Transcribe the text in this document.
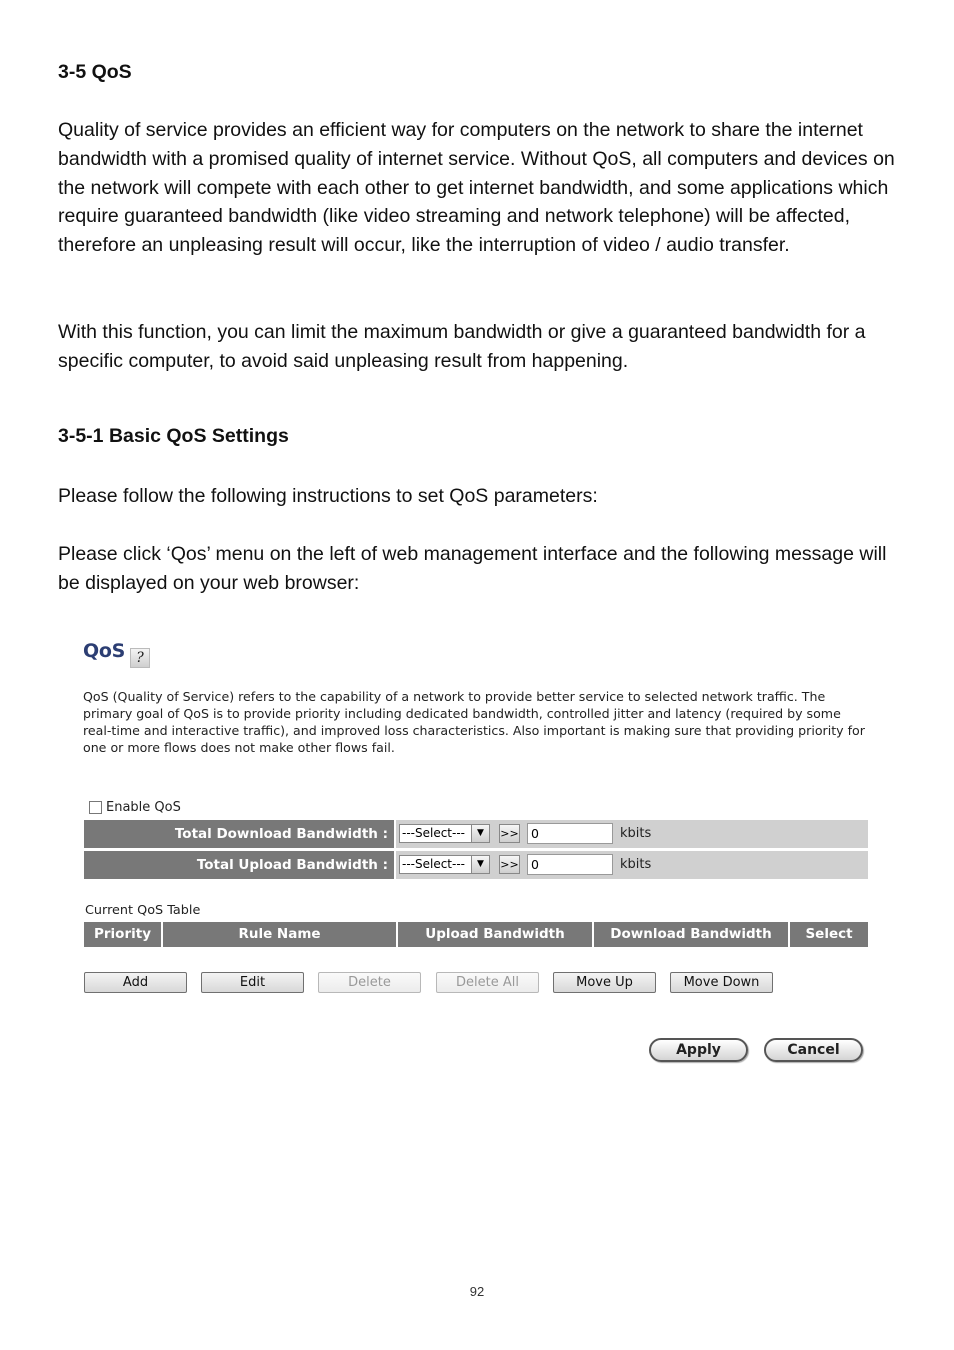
3-5 QoS
Quality of service provides an efficient way for computers on the network to share the internet bandwidth with a promised quality of internet service. Without QoS, all computers and devices on the network will compete with each other to get internet bandwidth, and some applications which require guaranteed bandwidth (like video streaming and network telephone) will be affected, therefore an unpleasing result will occur, like the interruption of video / audio transfer.
With this function, you can limit the maximum bandwidth or give a guaranteed bandwidth for a specific computer, to avoid said unpleasing result from happening.
3-5-1 Basic QoS Settings
Please follow the following instructions to set QoS parameters:
Please click ‘Qos’ menu on the left of web management interface and the following message will be displayed on your web browser:
QoS ?
QoS (Quality of Service) refers to the capability of a network to provide better service to selected network traffic. The primary goal of QoS is to provide priority including dedicated bandwidth, controlled jitter and latency (required by some real-time and interactive traffic), and improved loss characteristics. Also important is making sure that providing priority for one or more flows does not make other flows fail.
Enable QoS
Total Download Bandwidth :	---Select---	▼	>> 0	kbits
Total Upload Bandwidth :	---Select---	▼	>> 0	kbits
Current QoS Table
Priority	Rule Name	Upload Bandwidth	Download Bandwidth	Select
Add	Edit	Delete	Delete All	Move Up	Move Down
Apply	Cancel
92
